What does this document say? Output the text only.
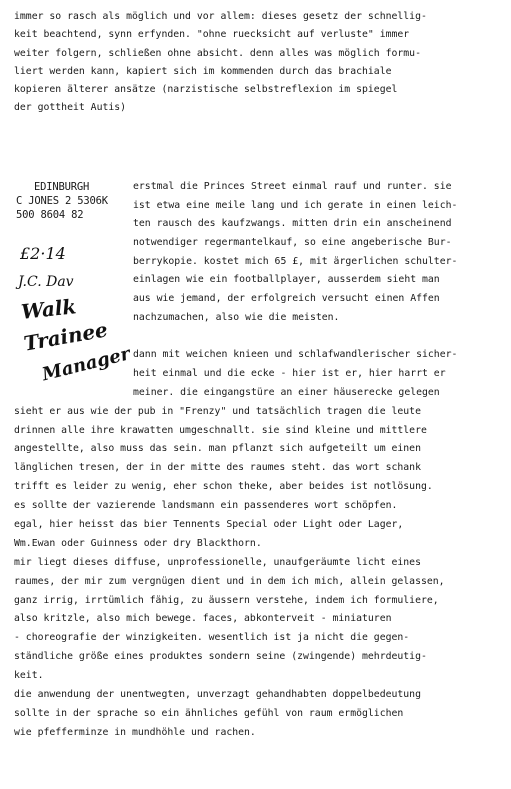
immer so rasch als möglich und vor allem: dieses gesetz der schnellig-
keit beachtend, synn erfynden. "ohne ruecksicht auf verluste" immer
weiter folgern, schließen ohne absicht. denn alles was möglich formu-
liert werden kann, kapiert sich im kommenden durch das brachiale
kopieren älterer ansätze (narzistische selbstreflexion im spiegel
der gottheit Autis)
EDINBURGH
C JONES 2 5306K
500 8604 82
£2·14
J.C. Dav
Walk
Trainee
Manager
erstmal die Princes Street einmal rauf und runter. sie
ist etwa eine meile lang und ich gerate in einen leich-
ten rausch des kaufzwangs. mitten drin ein anscheinend
notwendiger regermantelkauf, so eine angeberische Bur-
berrykopie. kostet mich 65 £, mit ärgerlichen schulter-
einlagen wie ein footballplayer, ausserdem sieht man
aus wie jemand, der erfolgreich versucht einen Affen
nachzumachen, also wie die meisten.
dann mit weichen knieen und schlafwandlerischer sicher-
heit einmal und die ecke - hier ist er, hier harrt er
meiner. die eingangstüre an einer häuserecke gelegen
sieht er aus wie der pub in "Frenzy" und tatsächlich tragen die leute
drinnen alle ihre krawatten umgeschnallt. sie sind kleine und mittlere
angestellte, also muss das sein. man pflanzt sich aufgeteilt um einen
länglichen tresen, der in der mitte des raumes steht. das wort schank
trifft es leider zu wenig, eher schon theke, aber beides ist notlösung.
es sollte der vazierende landsmann ein passenderes wort schöpfen.
egal, hier heisst das bier Tennents Special oder Light oder Lager,
Wm.Ewan oder Guinness oder dry Blackthorn.
mir liegt dieses diffuse, unprofessionelle, unaufgeräumte licht eines
raumes, der mir zum vergnügen dient und in dem ich mich, allein gelassen,
ganz irrig, irrtümlich fähig, zu äussern verstehe, indem ich formuliere,
also kritzle, also mich bewege. faces, abkonterveit - miniaturen
- choreografie der winzigkeiten. wesentlich ist ja nicht die gegen-
ständliche größe eines produktes sondern seine (zwingende) mehrdeutig-
keit.
die anwendung der unentwegten, unverzagt gehandhabten doppelbedeutung
sollte in der sprache so ein ähnliches gefühl von raum ermöglichen
wie pfefferminze in mundhöhle und rachen.
